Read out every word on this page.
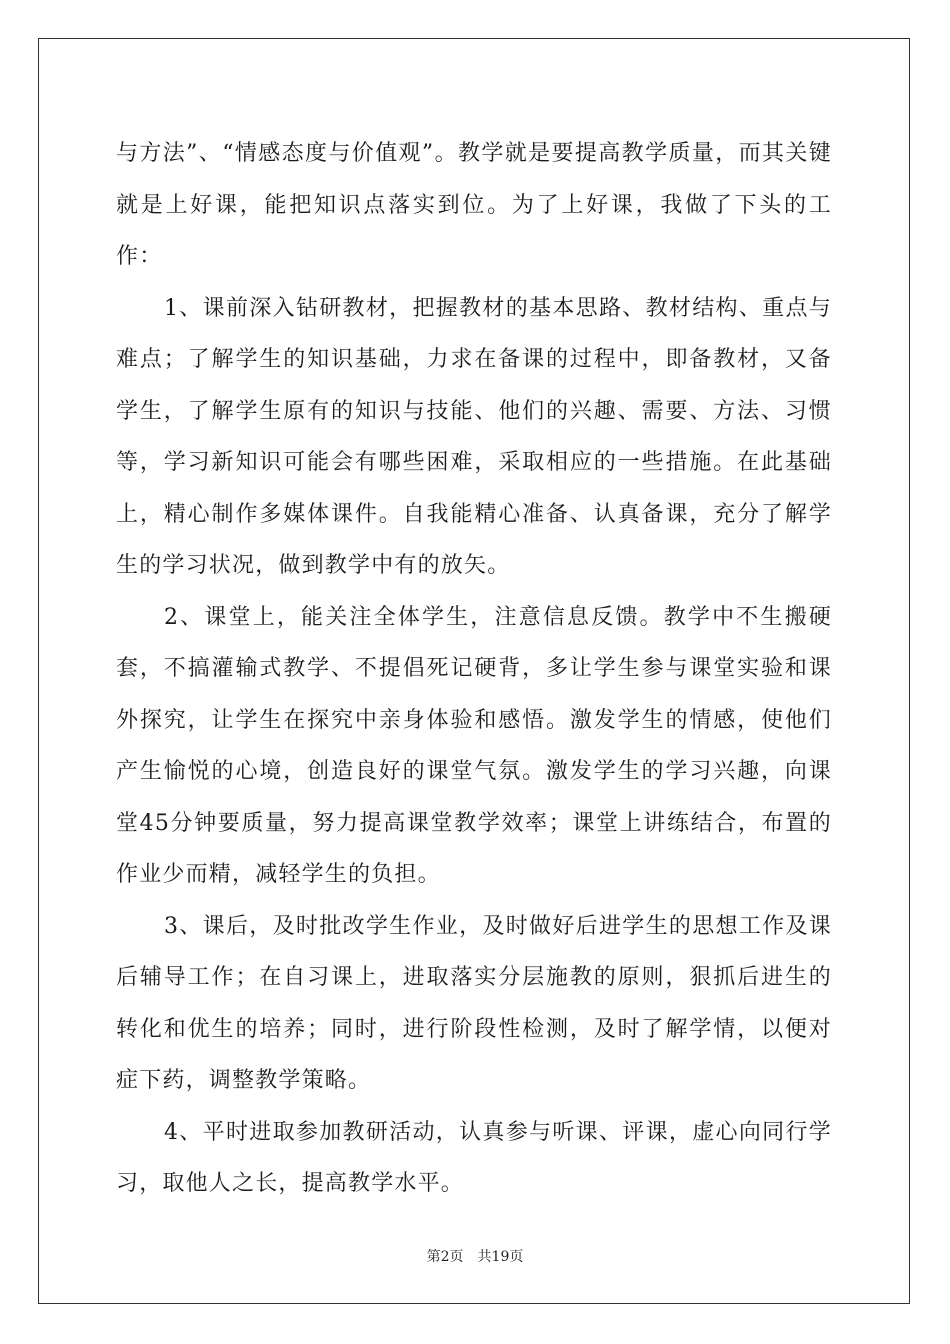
与方法”、“情感态度与价值观”。教学就是要提高教学质量，而其关键就是上好课，能把知识点落实到位。为了上好课，我做了下头的工作：

1、课前深入钻研教材，把握教材的基本思路、教材结构、重点与难点；了解学生的知识基础，力求在备课的过程中，即备教材，又备学生，了解学生原有的知识与技能、他们的兴趣、需要、方法、习惯等，学习新知识可能会有哪些困难，采取相应的一些措施。在此基础上，精心制作多媒体课件。自我能精心准备、认真备课，充分了解学生的学习状况，做到教学中有的放矢。

2、课堂上，能关注全体学生，注意信息反馈。教学中不生搬硬套，不搞灌输式教学、不提倡死记硬背，多让学生参与课堂实验和课外探究，让学生在探究中亲身体验和感悟。激发学生的情感，使他们产生愉悦的心境，创造良好的课堂气氛。激发学生的学习兴趣，向课堂45分钟要质量，努力提高课堂教学效率；课堂上讲练结合，布置的作业少而精，减轻学生的负担。

3、课后，及时批改学生作业，及时做好后进学生的思想工作及课后辅导工作；在自习课上，进取落实分层施教的原则，狠抓后进生的转化和优生的培养；同时，进行阶段性检测，及时了解学情，以便对症下药，调整教学策略。

4、平时进取参加教研活动，认真参与听课、评课，虚心向同行学习，取他人之长，提高教学水平。

第2页　共19页
